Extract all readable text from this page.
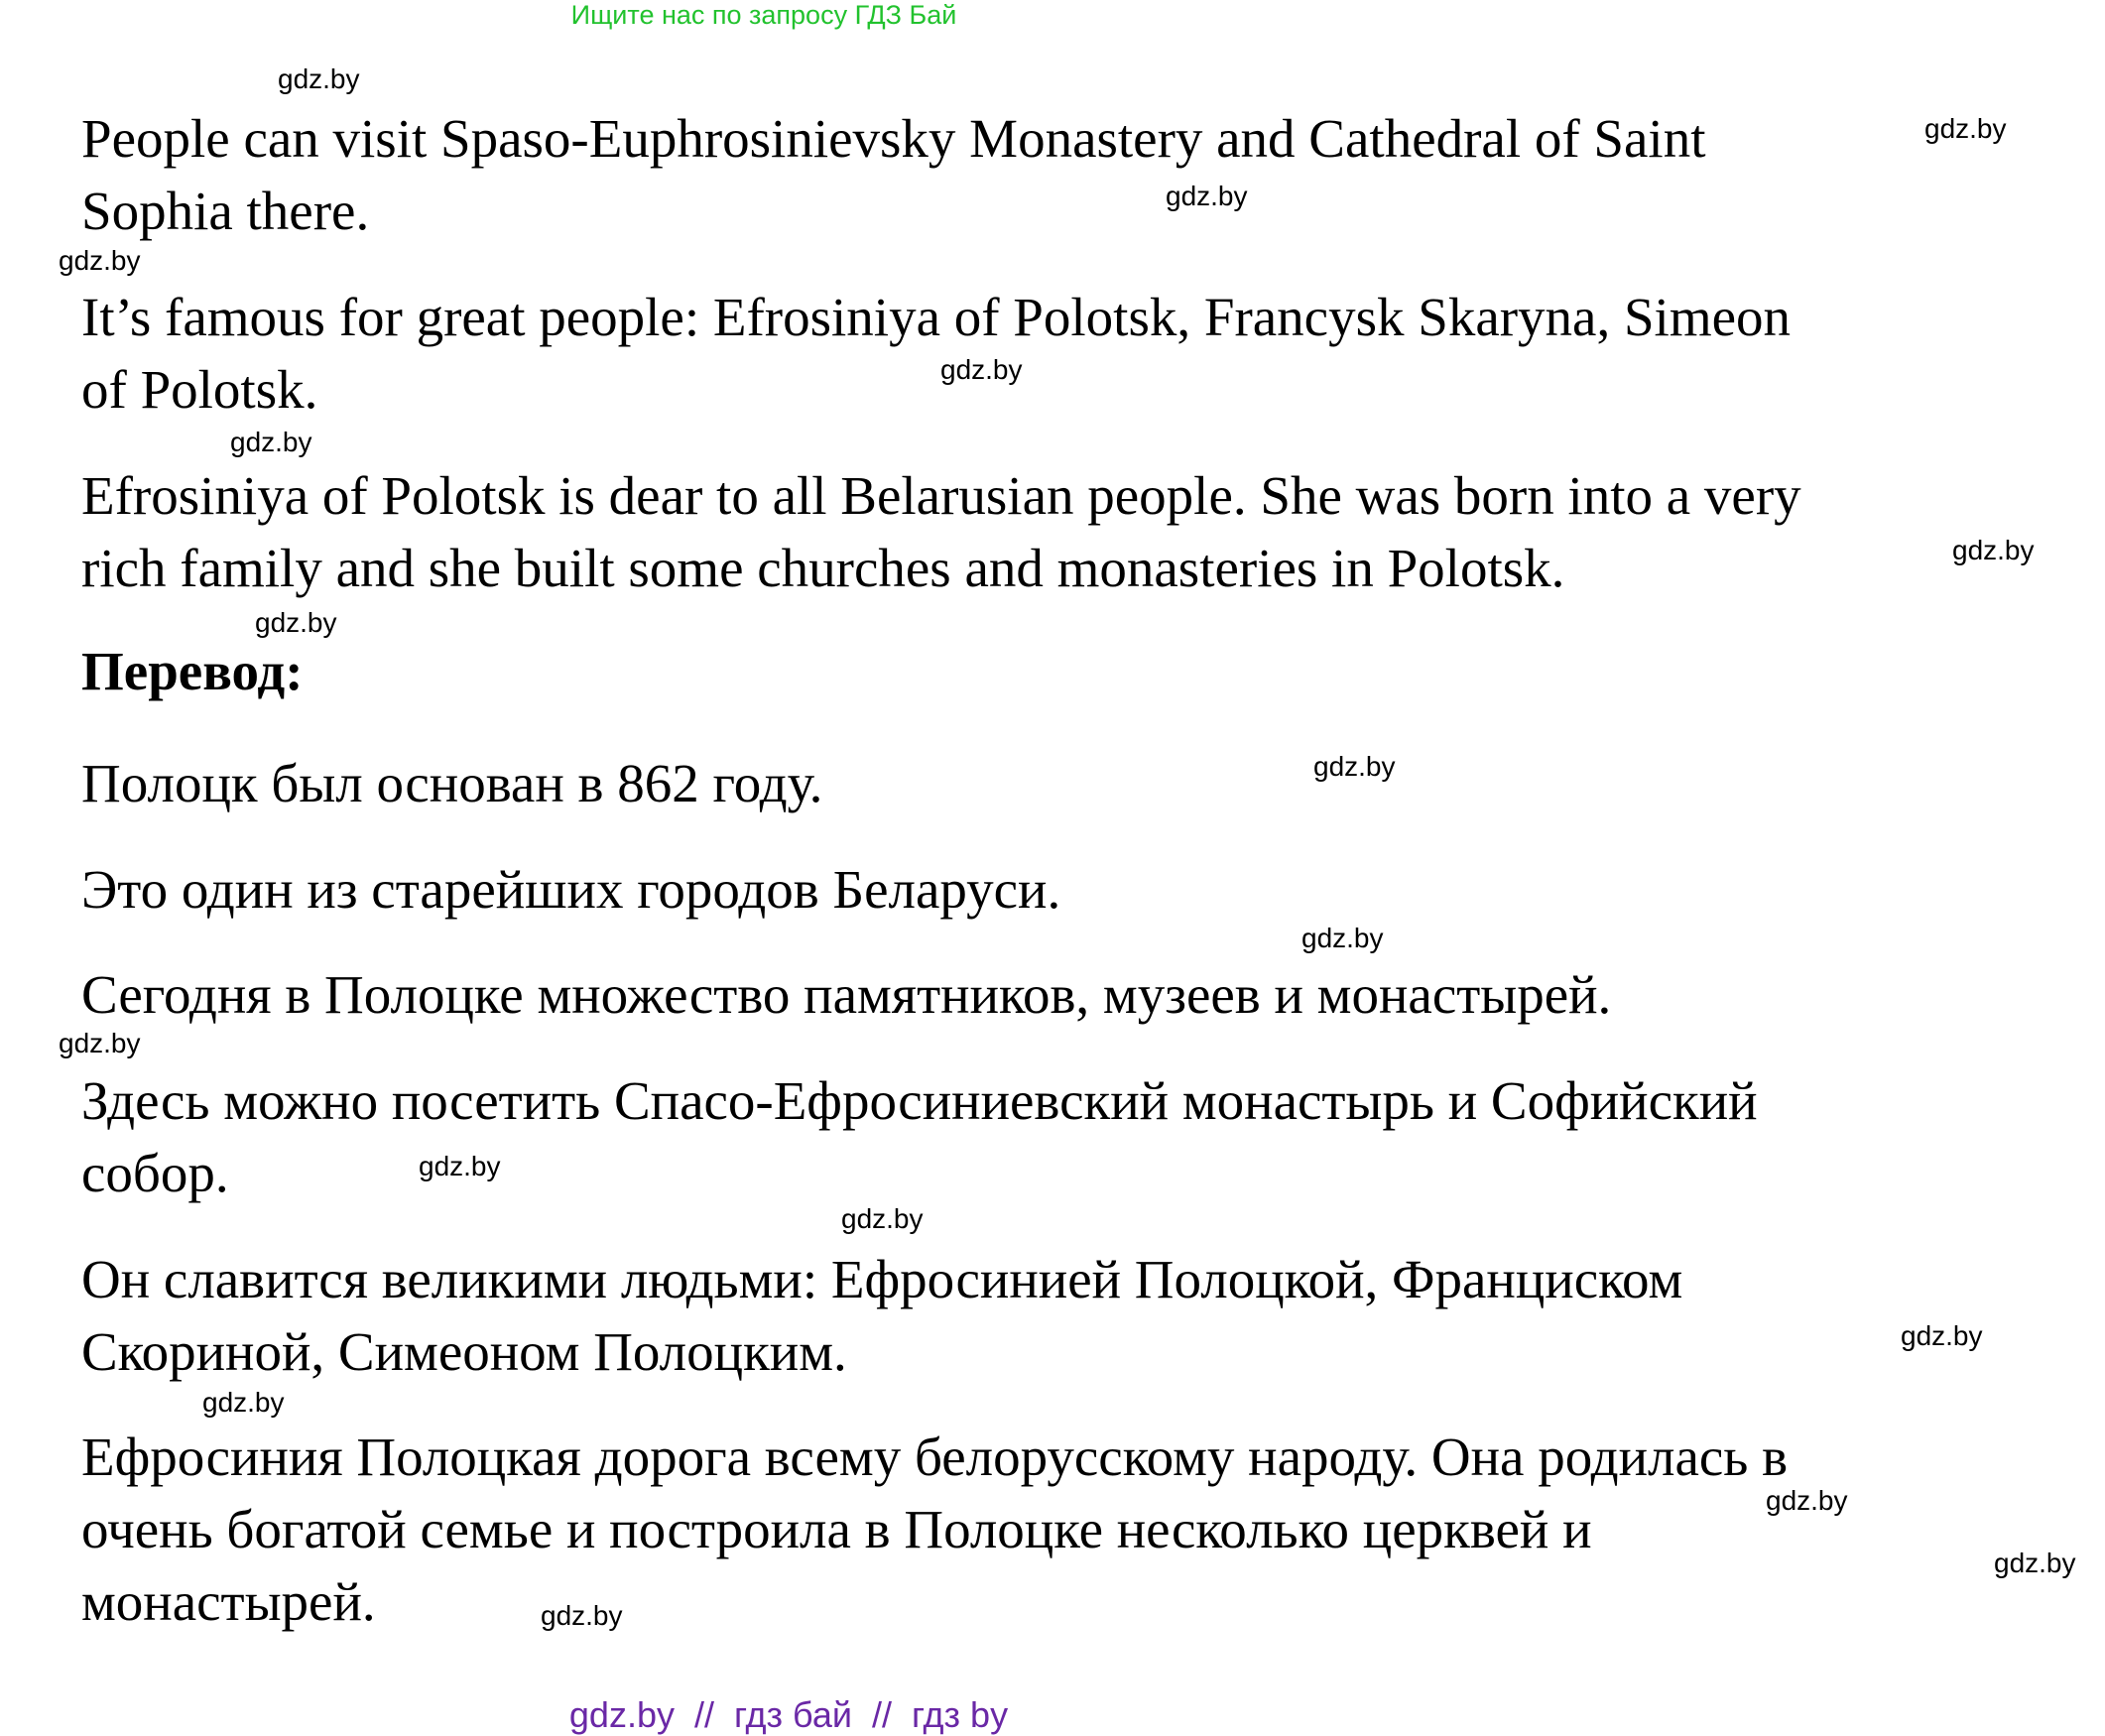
Ищите нас по запросу ГДЗ Бай
People can visit Spaso-Euphrosinievsky Monastery and Cathedral of Saint
Sophia there.
It’s famous for great people: Efrosiniya of Polotsk, Francysk Skaryna, Simeon
of Polotsk.
Efrosiniya of Polotsk is dear to all Belarusian people. She was born into a very
rich family and she built some churches and monasteries in Polotsk.
Перевод:
Полоцк был основан в 862 году.
Это один из старейших городов Беларуси.
Сегодня в Полоцке множество памятников, музеев и монастырей.
Здесь можно посетить Спасо-Ефросиниевский монастырь и Софийский
собор.
Он славится великими людьми: Ефросинией Полоцкой, Франциском
Скориной, Симеоном Полоцким.
Ефросиния Полоцкая дорога всему белорусскому народу. Она родилась в
очень богатой семье и построила в Полоцке несколько церквей и
монастырей.
gdz.by
gdz.by
gdz.by
gdz.by
gdz.by
gdz.by
gdz.by
gdz.by
gdz.by
gdz.by
gdz.by
gdz.by
gdz.by
gdz.by
gdz.by
gdz.by
gdz.by
gdz.by

gdz.by // гдз бай // гдз by
